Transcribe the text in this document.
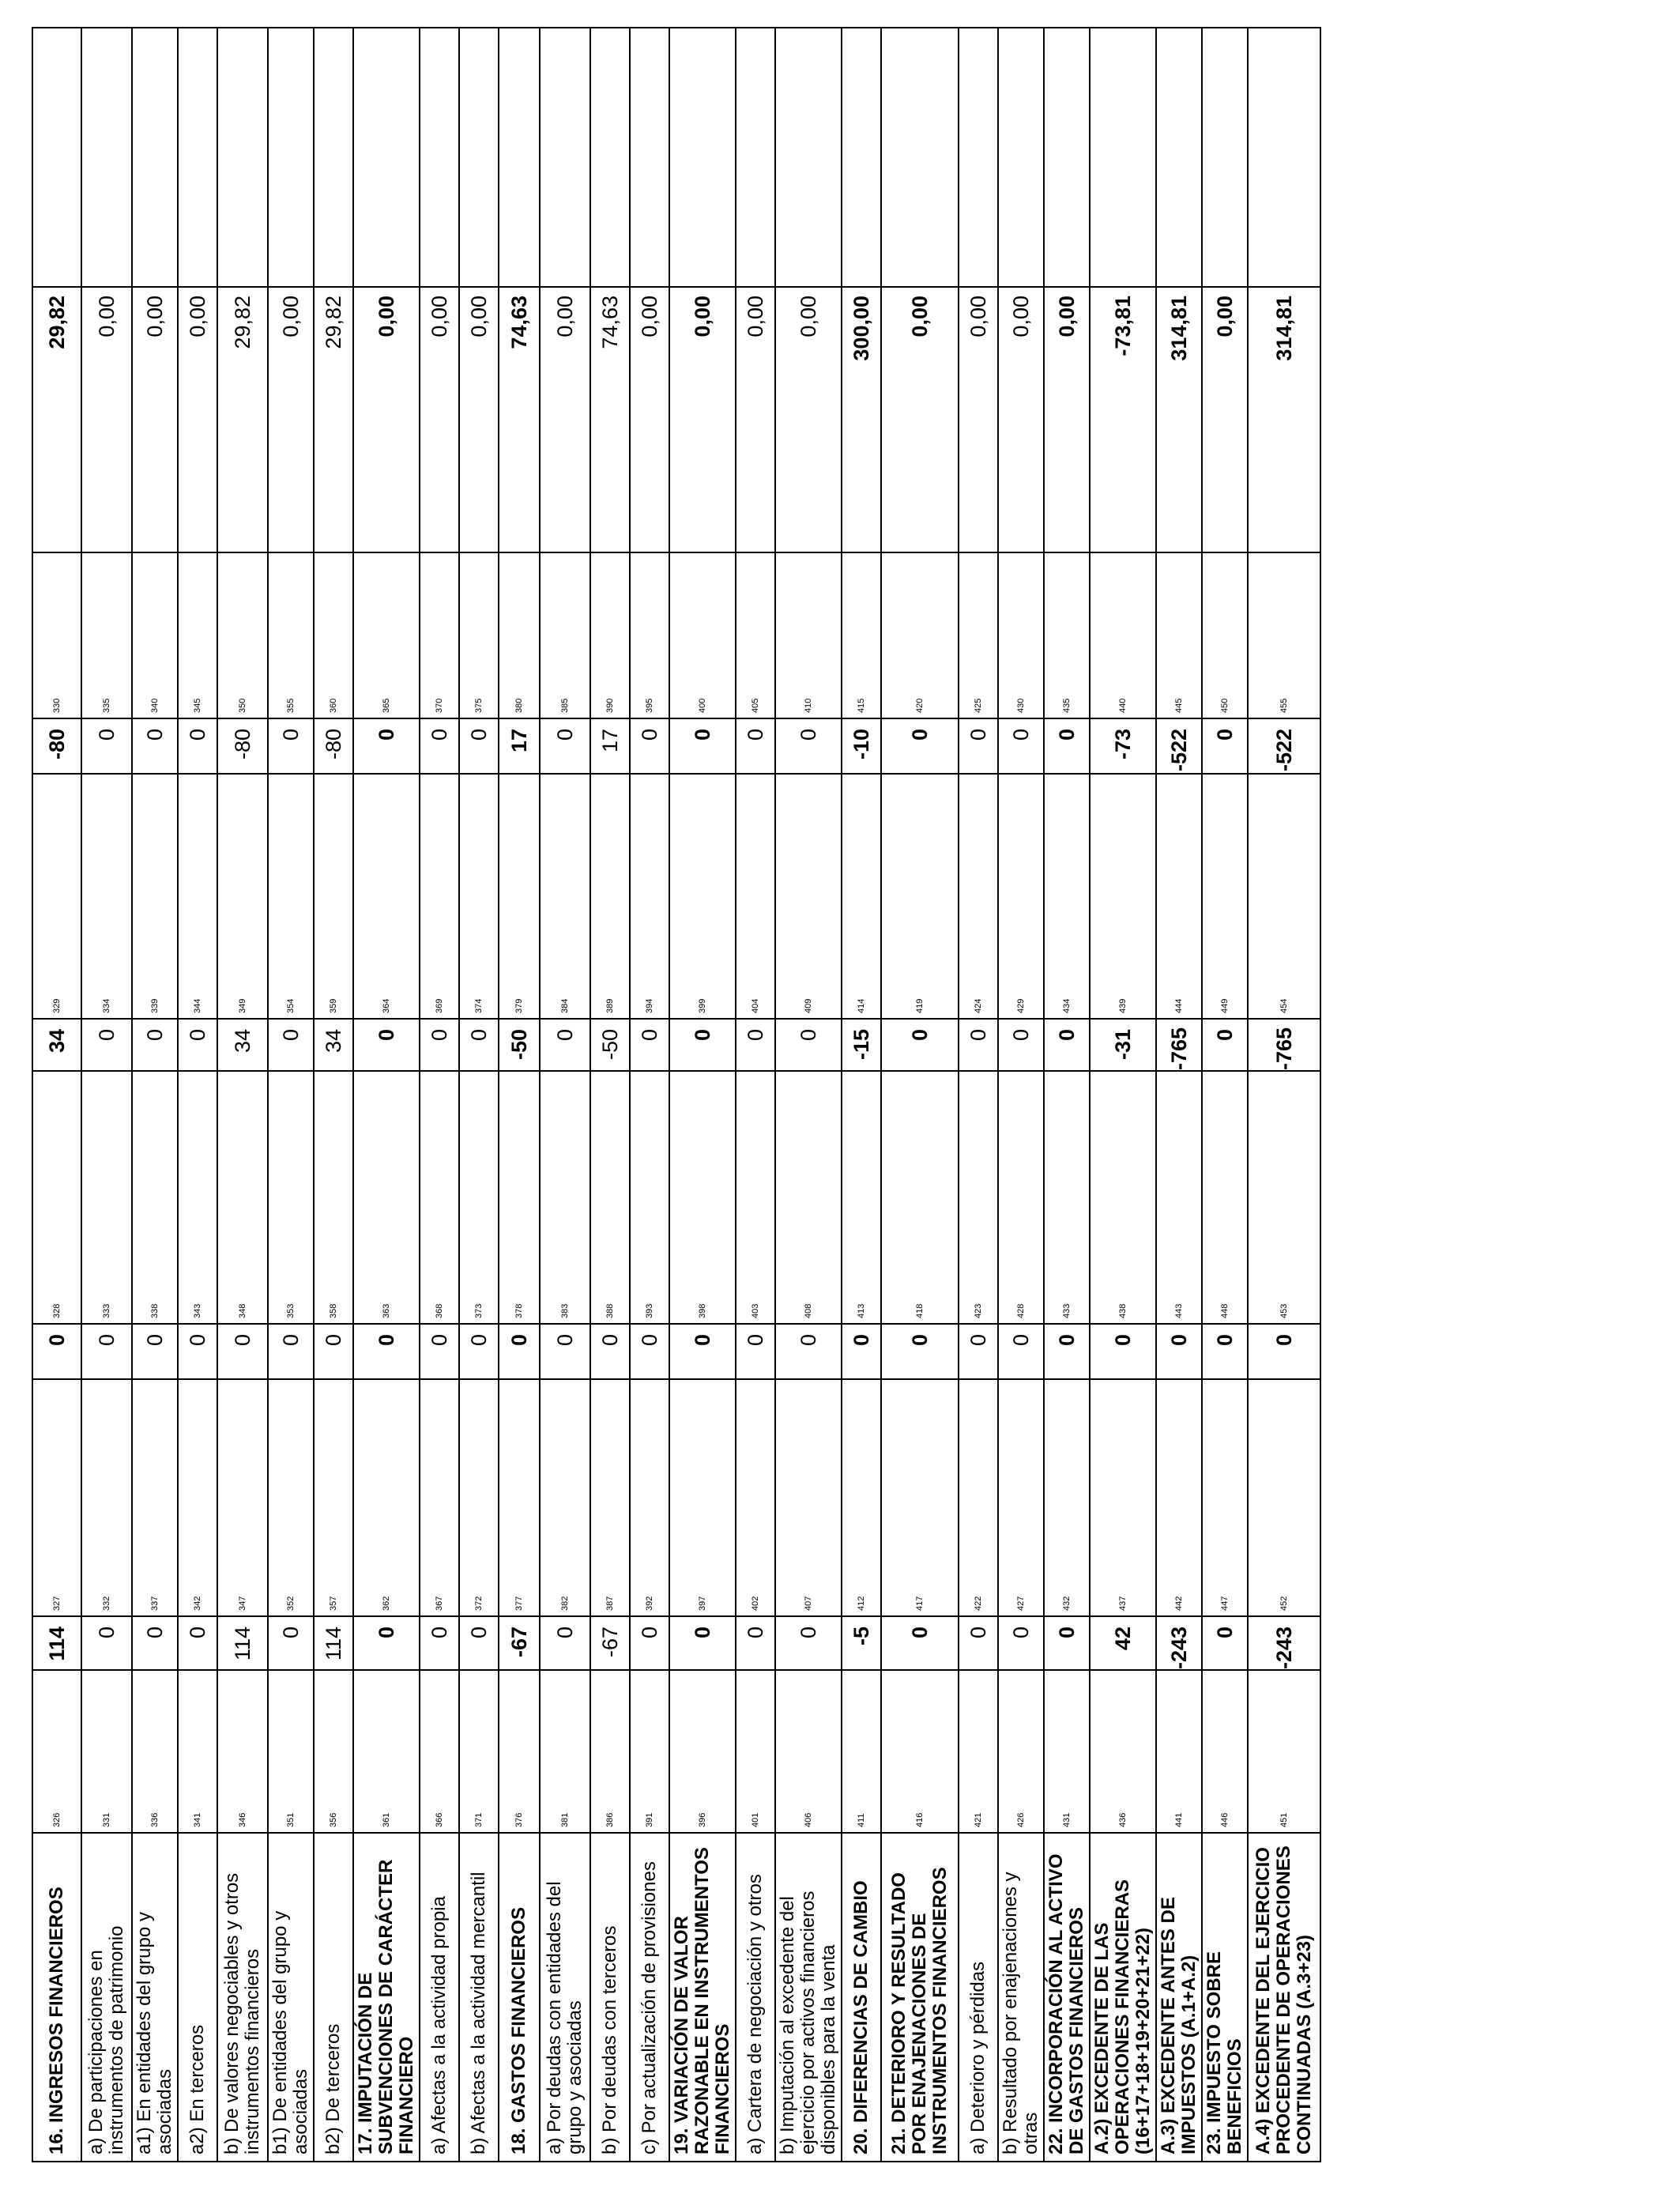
16. INGRESOS FINANCIEROS	326	114	327	0	328	34	329	-80	330	29,82	
a) De participaciones en instrumentos de patrimonio	331	0	332	0	333	0	334	0	335	0,00	
a1) En entidades del grupo y asociadas	336	0	337	0	338	0	339	0	340	0,00	
a2) En terceros	341	0	342	0	343	0	344	0	345	0,00	
b) De valores negociables y otros instrumentos financieros	346	114	347	0	348	34	349	-80	350	29,82	
b1) De entidades del grupo y asociadas	351	0	352	0	353	0	354	0	355	0,00	
b2) De terceros	356	114	357	0	358	34	359	-80	360	29,82	
17. IMPUTACIÓN DE SUBVENCIONES DE CARÁCTER FINANCIERO	361	0	362	0	363	0	364	0	365	0,00	
a) Afectas a la actividad propia	366	0	367	0	368	0	369	0	370	0,00	
b) Afectas a la actividad mercantil	371	0	372	0	373	0	374	0	375	0,00	
18. GASTOS FINANCIEROS	376	-67	377	0	378	-50	379	17	380	74,63	
a) Por deudas con entidades del grupo y asociadas	381	0	382	0	383	0	384	0	385	0,00	
b) Por deudas con terceros	386	-67	387	0	388	-50	389	17	390	74,63	
c) Por actualización de provisiones	391	0	392	0	393	0	394	0	395	0,00	
19. VARIACIÓN DE VALOR RAZONABLE EN INSTRUMENTOS FINANCIEROS	396	0	397	0	398	0	399	0	400	0,00	
a) Cartera de negociación y otros	401	0	402	0	403	0	404	0	405	0,00	
b) Imputación al excedente del ejercicio por activos financieros disponibles para la venta	406	0	407	0	408	0	409	0	410	0,00	
20. DIFERENCIAS DE CAMBIO	411	-5	412	0	413	-15	414	-10	415	300,00	
21. DETERIORO Y RESULTADO POR ENAJENACIONES DE INSTRUMENTOS FINANCIEROS	416	0	417	0	418	0	419	0	420	0,00	
a) Deterioro y pérdidas	421	0	422	0	423	0	424	0	425	0,00	
b) Resultado por enajenaciones y otras	426	0	427	0	428	0	429	0	430	0,00	
22. INCORPORACIÓN AL ACTIVO DE GASTOS FINANCIEROS	431	0	432	0	433	0	434	0	435	0,00	
A.2) EXCEDENTE DE LAS OPERACIONES FINANCIERAS (16+17+18+19+20+21+22)	436	42	437	0	438	-31	439	-73	440	-73,81	
A.3) EXCEDENTE ANTES DE IMPUESTOS (A.1+A.2)	441	-243	442	0	443	-765	444	-522	445	314,81	
23. IMPUESTO SOBRE BENEFICIOS	446	0	447	0	448	0	449	0	450	0,00	
A.4) EXCEDENTE DEL EJERCICIO PROCEDENTE DE OPERACIONES CONTINUADAS (A.3+23)	451	-243	452	0	453	-765	454	-522	455	314,81	
